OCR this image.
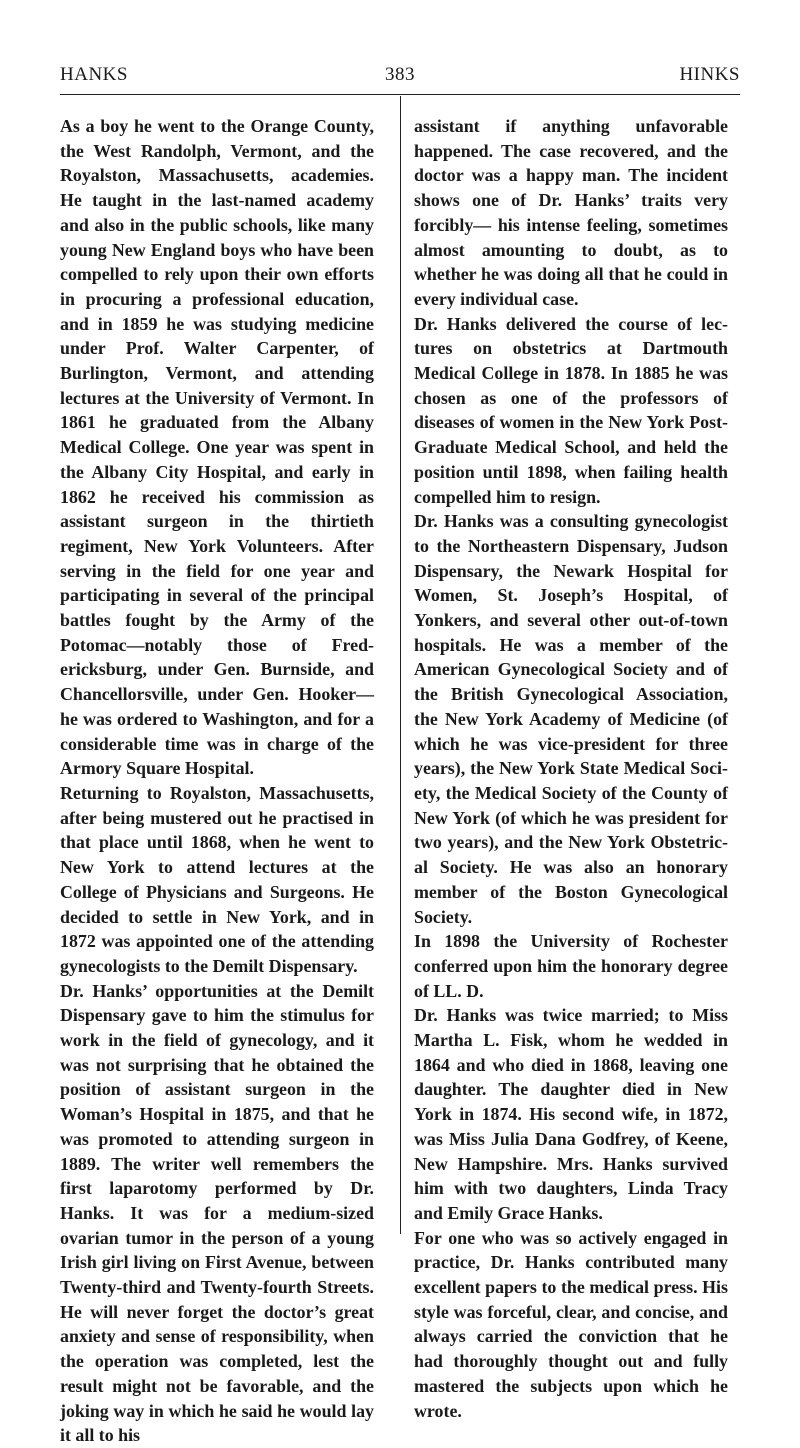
HANKS	383	HINKS

As a boy he went to the Orange County, the West Randolph, Vermont, and the Royalston, Massachusetts, academies. He taught in the last-named academy and also in the public schools, like many young New England boys who have been compelled to rely upon their own efforts in procuring a professional education, and in 1859 he was studying medicine under Prof. Walter Carpenter, of Burlington, Vermont, and attending lectures at the University of Vermont. In 1861 he graduated from the Albany Medical College. One year was spent in the Albany City Hospital, and early in 1862 he received his commission as assistant surgeon in the thirtieth regiment, New York Volunteers. After serving in the field for one year and participating in several of the principal battles fought by the Army of the Potomac—notably those of Fredericksburg, under Gen. Burnside, and Chancellorsville, under Gen. Hooker— he was ordered to Washington, and for a considerable time was in charge of the Armory Square Hospital.

Returning to Royalston, Massachusetts, after being mustered out he practised in that place until 1868, when he went to New York to attend lectures at the College of Physicians and Surgeons. He decided to settle in New York, and in 1872 was appointed one of the attending gynecologists to the Demilt Dispensary.

Dr. Hanks’ opportunities at the Demilt Dispensary gave to him the stimulus for work in the field of gynecology, and it was not surprising that he obtained the position of assistant surgeon in the Woman’s Hospital in 1875, and that he was promoted to attending surgeon in 1889. The writer well remembers the first laparotomy performed by Dr. Hanks. It was for a medium-sized ovarian tumor in the person of a young Irish girl living on First Avenue, between Twenty-third and Twenty-fourth Streets. He will never forget the doctor’s great anxiety and sense of responsibility, when the operation was completed, lest the result might not be favorable, and the joking way in which he said he would lay it all to his

assistant if anything unfavorable happened. The case recovered, and the doctor was a happy man. The incident shows one of Dr. Hanks’ traits very forcibly— his intense feeling, sometimes almost amounting to doubt, as to whether he was doing all that he could in every individual case.

Dr. Hanks delivered the course of lectures on obstetrics at Dartmouth Medical College in 1878. In 1885 he was chosen as one of the professors of diseases of women in the New York Post-Graduate Medical School, and held the position until 1898, when failing health compelled him to resign.

Dr. Hanks was a consulting gynecologist to the Northeastern Dispensary, Judson Dispensary, the Newark Hospital for Women, St. Joseph’s Hospital, of Yonkers, and several other out-of-town hospitals. He was a member of the American Gynecological Society and of the British Gynecological Association, the New York Academy of Medicine (of which he was vice-president for three years), the New York State Medical Society, the Medical Society of the County of New York (of which he was president for two years), and the New York Obstetrical Society. He was also an honorary member of the Boston Gynecological Society.

In 1898 the University of Rochester conferred upon him the honorary degree of LL. D.

Dr. Hanks was twice married; to Miss Martha L. Fisk, whom he wedded in 1864 and who died in 1868, leaving one daughter. The daughter died in New York in 1874. His second wife, in 1872, was Miss Julia Dana Godfrey, of Keene, New Hampshire. Mrs. Hanks survived him with two daughters, Linda Tracy and Emily Grace Hanks.

For one who was so actively engaged in practice, Dr. Hanks contributed many excellent papers to the medical press. His style was forceful, clear, and concise, and always carried the conviction that he had thoroughly thought out and fully mastered the subjects upon which he wrote.
